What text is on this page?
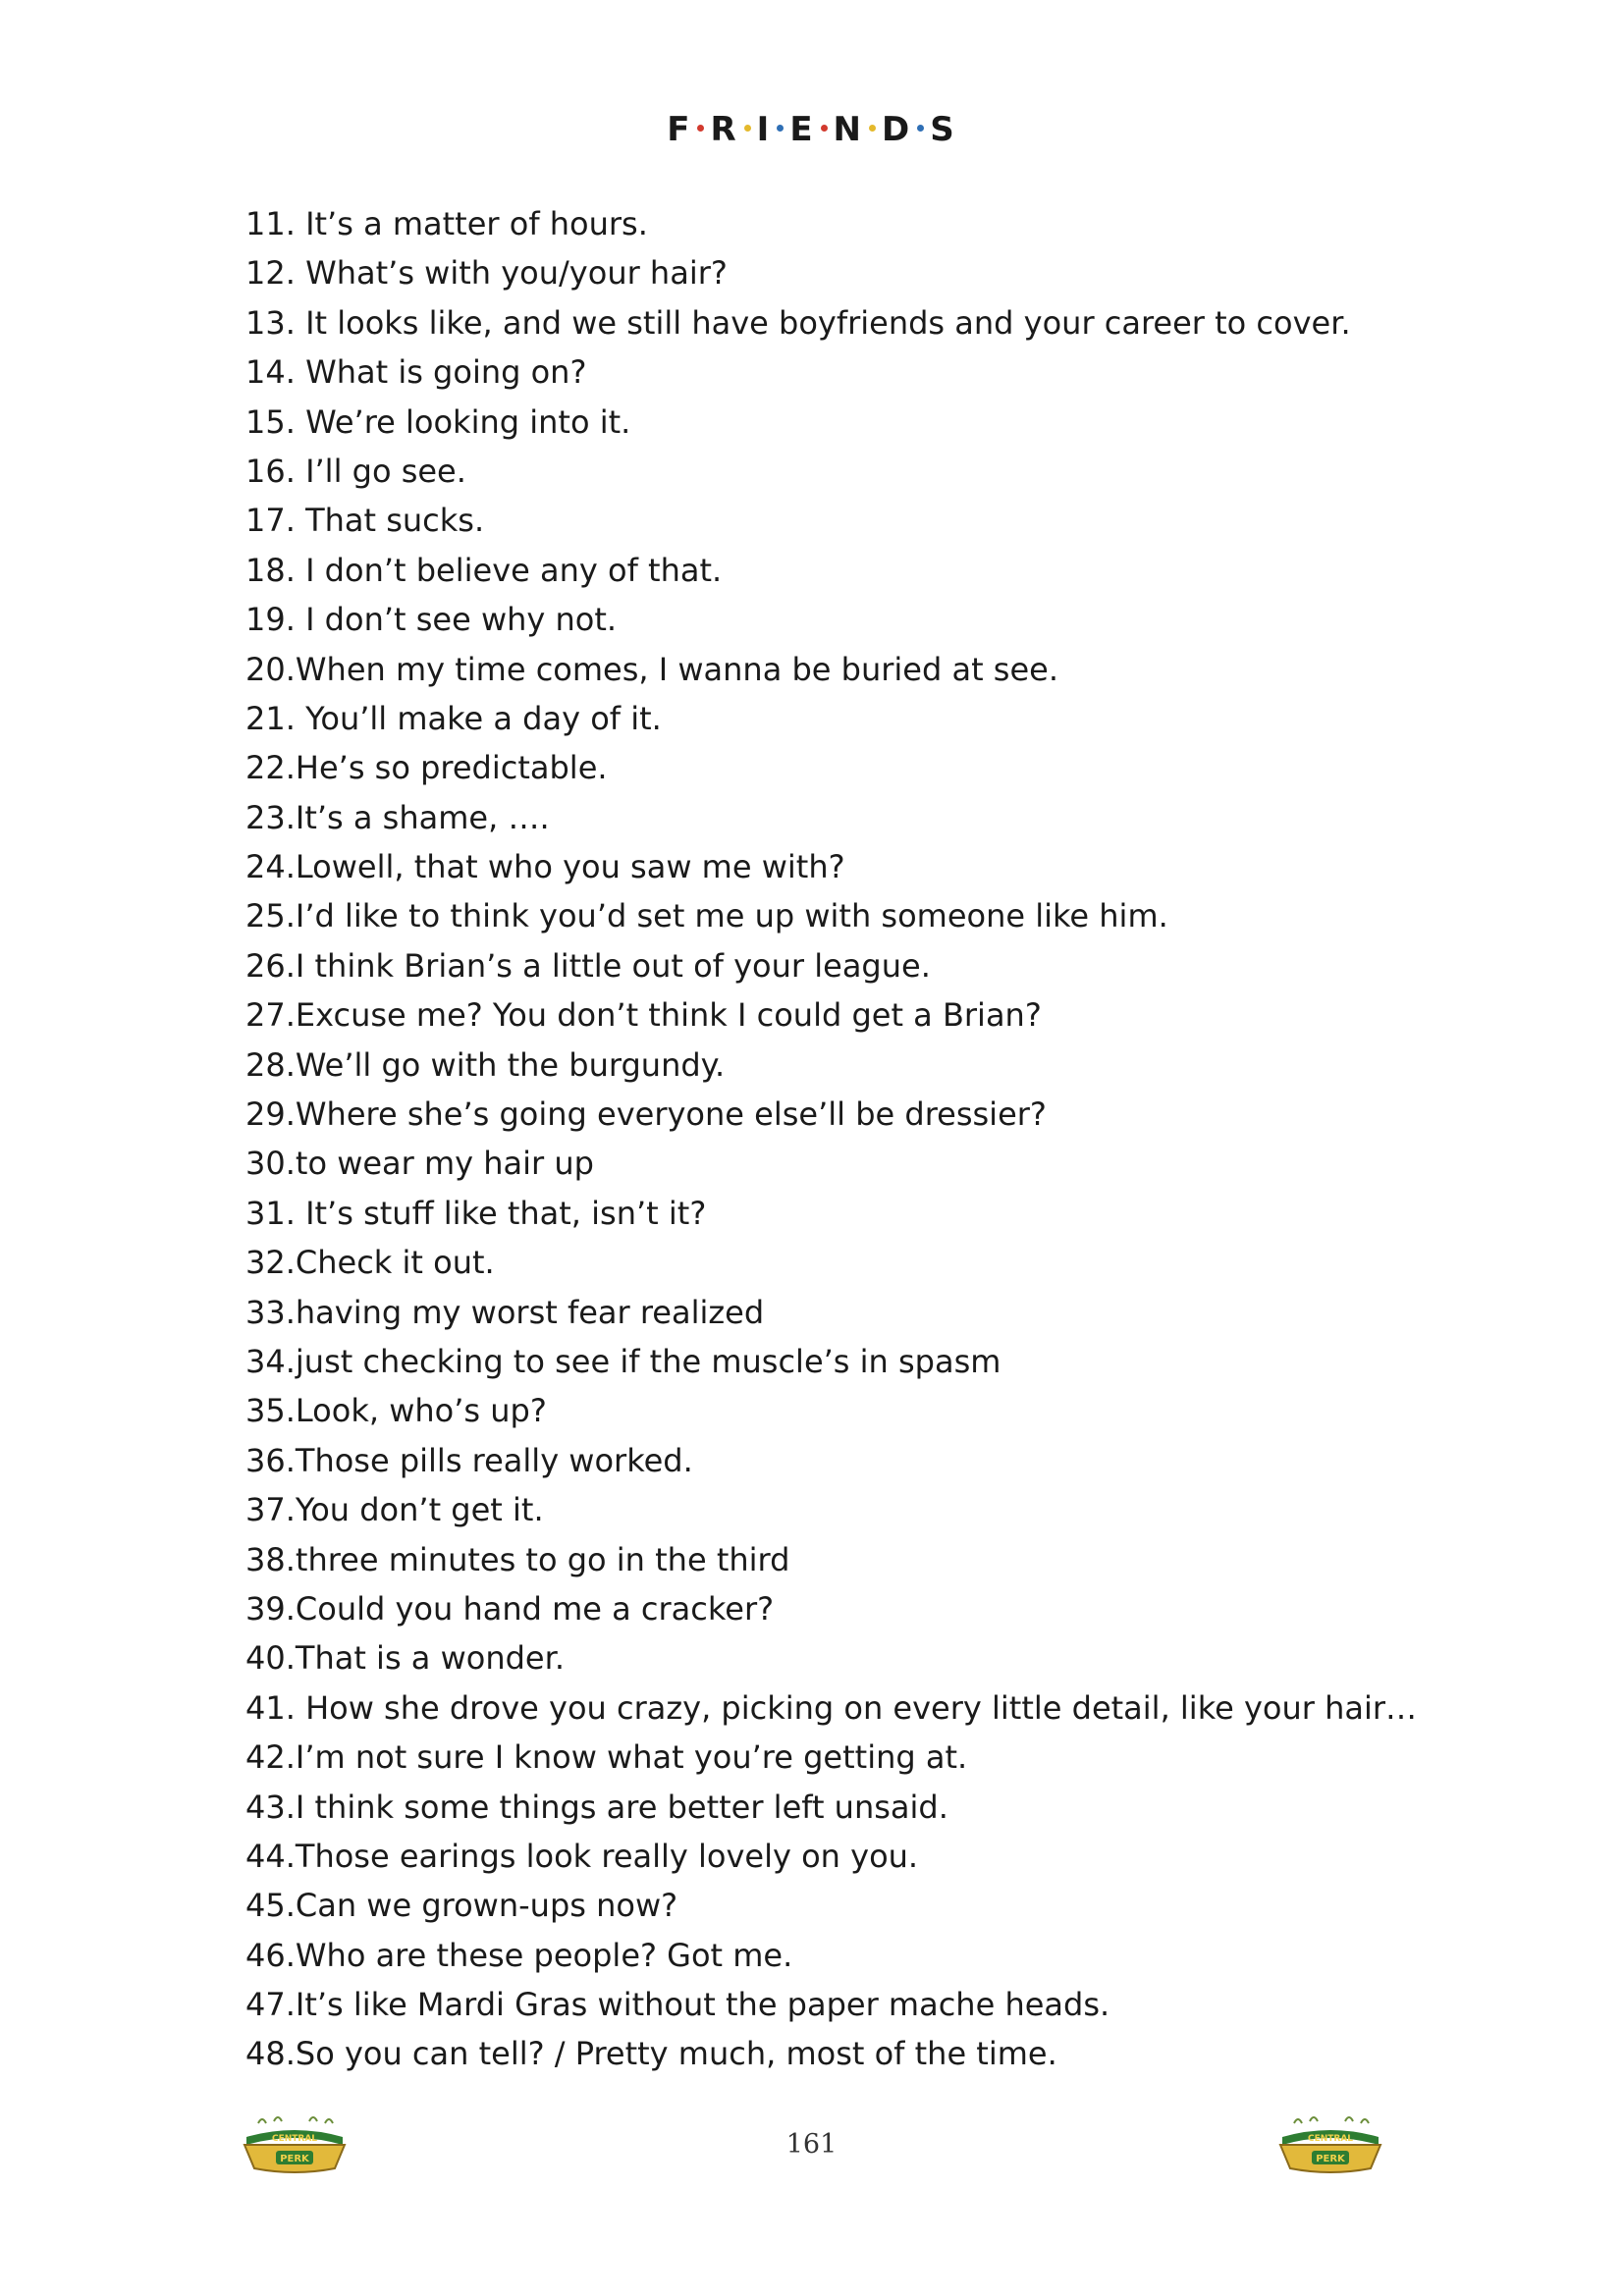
F R I E N D S
11. It’s a matter of hours.
12. What’s with you/your hair?
13. It looks like, and we still have boyfriends and your career to cover.
14. What is going on?
15. We’re looking into it.
16. I’ll go see.
17. That sucks.
18. I don’t believe any of that.
19. I don’t see why not.
20.When my time comes, I wanna be buried at see.
21. You’ll make a day of it.
22.He’s so predictable.
23.It’s a shame, ….
24.Lowell, that who you saw me with?
25.I’d like to think you’d set me up with someone like him.
26.I think Brian’s a little out of your league.
27.Excuse me? You don’t think I could get a Brian?
28.We’ll go with the burgundy.
29.Where she’s going everyone else’ll be dressier?
30.to wear my hair up
31. It’s stuff like that, isn’t it?
32.Check it out.
33.having my worst fear realized
34.just checking to see if the muscle’s in spasm
35.Look, who’s up?
36.Those pills really worked.
37.You don’t get it.
38.three minutes to go in the third
39.Could you hand me a cracker?
40.That is a wonder.
41. How she drove you crazy, picking on every little detail, like your hair…
42.I’m not sure I know what you’re getting at.
43.I think some things are better left unsaid.
44.Those earings look really lovely on you.
45.Can we grown-ups now?
46.Who are these people? Got me.
47.It’s like Mardi Gras without the paper mache heads.
48.So you can tell? / Pretty much, most of the time.
CENTRAL
PERK	161	CENTRAL
PERK
